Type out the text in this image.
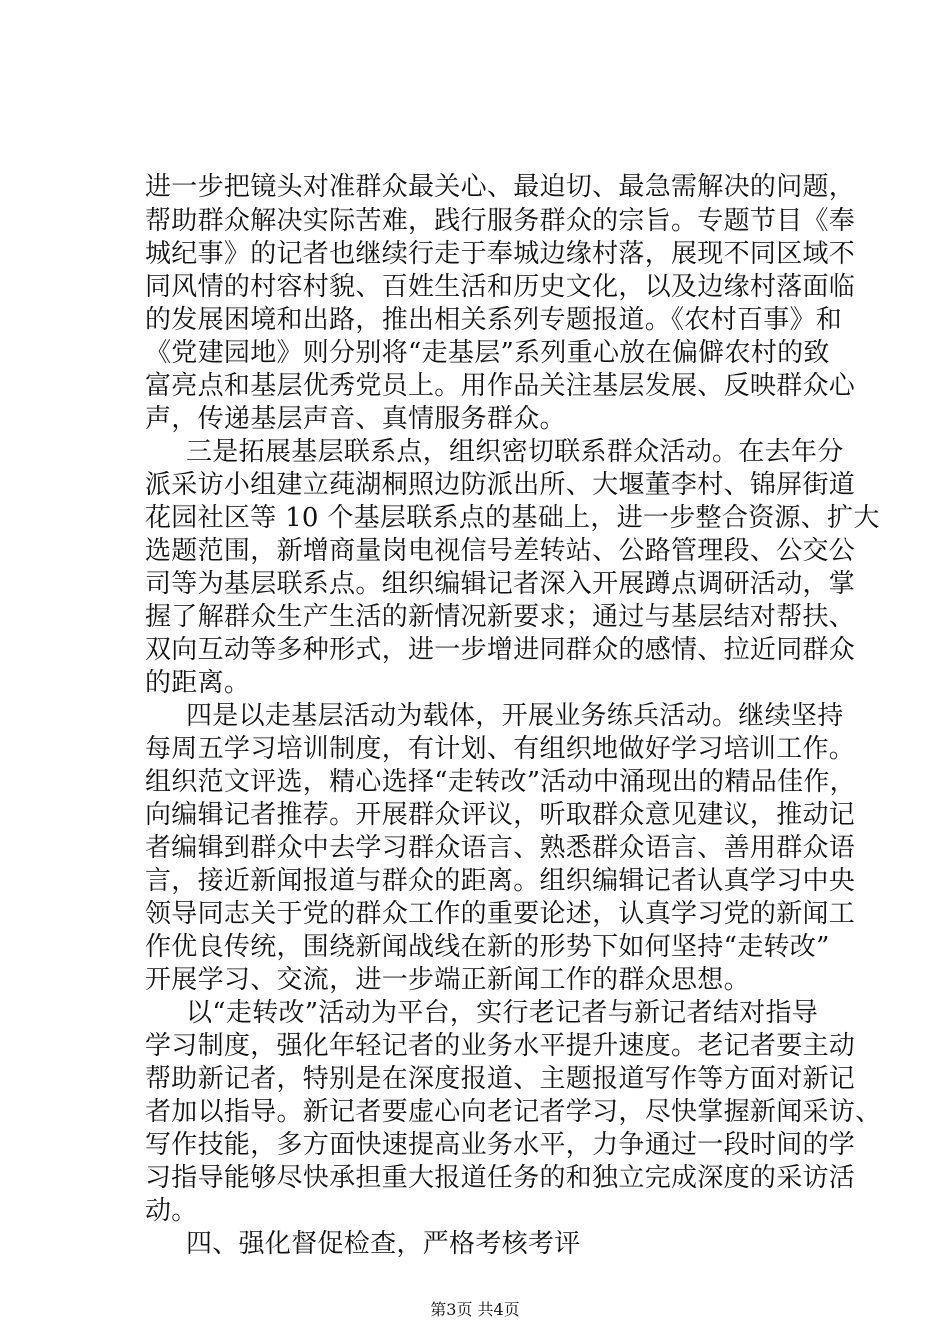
进一步把镜头对准群众最关心、最迫切、最急需解决的问题，
帮助群众解决实际苦难，践行服务群众的宗旨。专题节目《奉
城纪事》的记者也继续行走于奉城边缘村落，展现不同区域不
同风情的村容村貌、百姓生活和历史文化，以及边缘村落面临
的发展困境和出路，推出相关系列专题报道。《农村百事》和
《党建园地》则分别将“走基层”系列重心放在偏僻农村的致
富亮点和基层优秀党员上。用作品关注基层发展、反映群众心
声，传递基层声音、真情服务群众。
三是拓展基层联系点，组织密切联系群众活动。在去年分
派采访小组建立莼湖桐照边防派出所、大堰董李村、锦屏街道
花园社区等 10 个基层联系点的基础上，进一步整合资源、扩大
选题范围，新增商量岗电视信号差转站、公路管理段、公交公
司等为基层联系点。组织编辑记者深入开展蹲点调研活动，掌
握了解群众生产生活的新情况新要求；通过与基层结对帮扶、
双向互动等多种形式，进一步增进同群众的感情、拉近同群众
的距离。
四是以走基层活动为载体，开展业务练兵活动。继续坚持
每周五学习培训制度，有计划、有组织地做好学习培训工作。
组织范文评选，精心选择“走转改”活动中涌现出的精品佳作，
向编辑记者推荐。开展群众评议，听取群众意见建议，推动记
者编辑到群众中去学习群众语言、熟悉群众语言、善用群众语
言，接近新闻报道与群众的距离。组织编辑记者认真学习中央
领导同志关于党的群众工作的重要论述，认真学习党的新闻工
作优良传统，围绕新闻战线在新的形势下如何坚持“走转改”
开展学习、交流，进一步端正新闻工作的群众思想。
以“走转改”活动为平台，实行老记者与新记者结对指导
学习制度，强化年轻记者的业务水平提升速度。老记者要主动
帮助新记者，特别是在深度报道、主题报道写作等方面对新记
者加以指导。新记者要虚心向老记者学习，尽快掌握新闻采访、
写作技能，多方面快速提高业务水平，力争通过一段时间的学
习指导能够尽快承担重大报道任务的和独立完成深度的采访活
动。
四、强化督促检查，严格考核考评
第3页 共4页
